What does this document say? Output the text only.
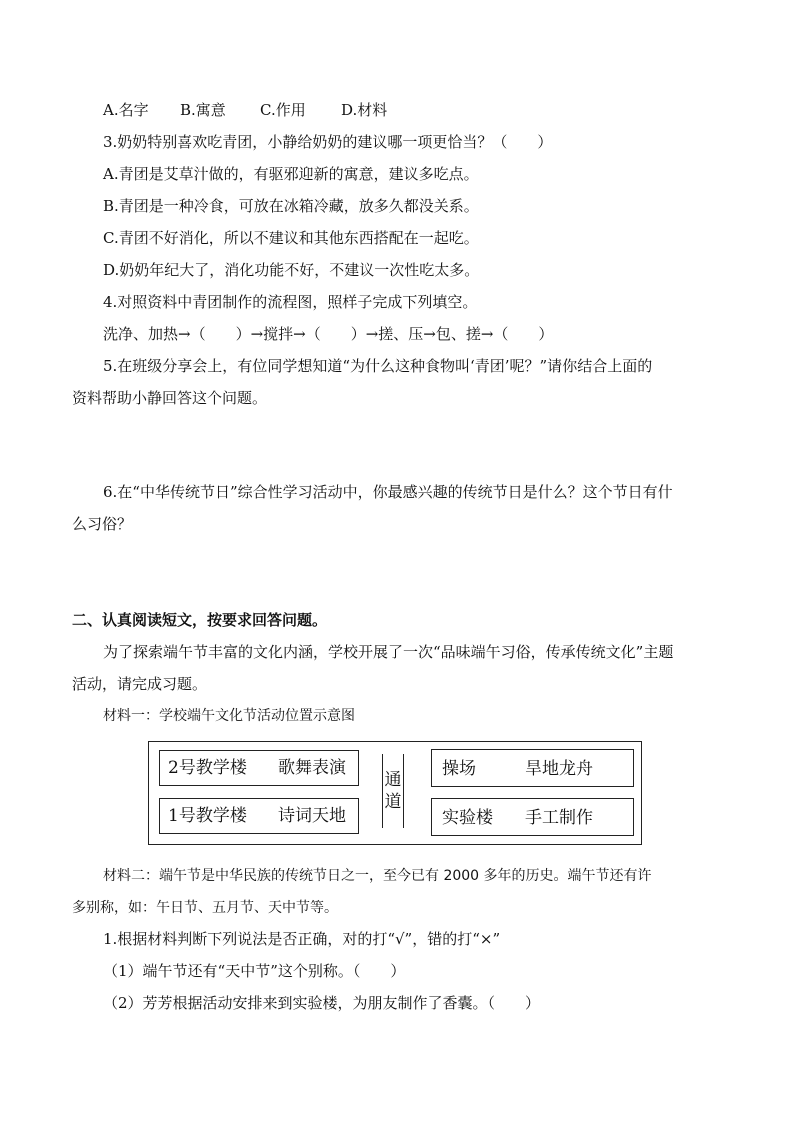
A.名字 B.寓意 C.作用 D.材料
3.奶奶特别喜欢吃青团，小静给奶奶的建议哪一项更恰当？（　　）
A.青团是艾草汁做的，有驱邪迎新的寓意，建议多吃点。
B.青团是一种冷食，可放在冰箱冷藏，放多久都没关系。
C.青团不好消化，所以不建议和其他东西搭配在一起吃。
D.奶奶年纪大了，消化功能不好，不建议一次性吃太多。
4.对照资料中青团制作的流程图，照样子完成下列填空。
洗净、加热→（　　）→搅拌→（　　）→搓、压→包、搓→（　　）
5.在班级分享会上，有位同学想知道“为什么这种食物叫‘青团’呢？”请你结合上面的
资料帮助小静回答这个问题。
6.在“中华传统节日”综合性学习活动中，你最感兴趣的传统节日是什么？这个节日有什
么习俗？
二、认真阅读短文，按要求回答问题。
为了探索端午节丰富的文化内涵，学校开展了一次“品味端午习俗，传承传统文化”主题
活动，请完成习题。
材料一：学校端午文化节活动位置示意图
2号教学楼 歌舞表演
1号教学楼 诗词天地
通
道
操场	旱地龙舟
实验楼 手工制作
材料二：端午节是中华民族的传统节日之一，至今已有 2000 多年的历史。端午节还有许
多别称，如：午日节、五月节、天中节等。
1.根据材料判断下列说法是否正确，对的打“√”，错的打“×”
（1）端午节还有“天中节”这个别称。（　　）
（2）芳芳根据活动安排来到实验楼，为朋友制作了香囊。（　　）
